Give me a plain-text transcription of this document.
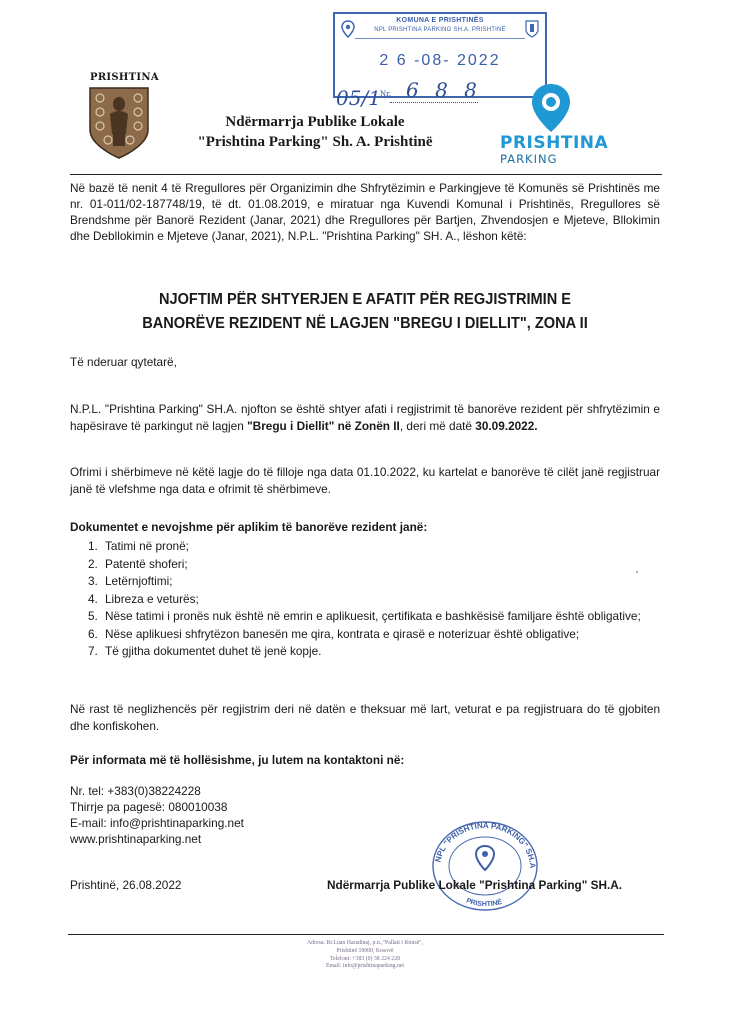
KOMUNA E PRISHTINËS
NPL PRISHTINA PARKING SH.A. PRISHTINË
2 6 -08- 2022
05/1 Nr. 6 8 8
PRISHTINA
Ndërmarrja Publike Lokale
"Prishtina Parking" Sh. A. Prishtinë	PRISHTINA
PARKING
Në bazë të nenit 4 të Rregullores për Organizimin dhe Shfrytëzimin e Parkingjeve të Komunës së Prishtinës me nr. 01-011/02-187748/19, të dt. 01.08.2019, e miratuar nga Kuvendi Komunal i Prishtinës, Rregullores së Brendshme për Banorë Rezident (Janar, 2021) dhe Rregullores për Bartjen, Zhvendosjen e Mjeteve, Bllokimin dhe Debllokimin e Mjeteve (Janar, 2021), N.P.L. "Prishtina Parking" SH. A., lëshon këtë:
NJOFTIM PËR SHTYERJEN E AFATIT PËR REGJISTRIMIN E
BANORËVE REZIDENT NË LAGJEN "BREGU I DIELLIT", ZONA II
Të nderuar qytetarë,
N.P.L. "Prishtina Parking" SH.A. njofton se është shtyer afati i regjistrimit të banorëve rezident për shfrytëzimin e hapësirave të parkingut në lagjen "Bregu i Diellit" në Zonën II, deri më datë 30.09.2022.
Ofrimi i shërbimeve në këtë lagje do të filloje nga data 01.10.2022, ku kartelat e banorëve të cilët janë regjistruar janë të vlefshme nga data e ofrimit të shërbimeve.
Dokumentet e nevojshme për aplikim të banorëve rezident janë:
1. Tatimi në pronë;
2. Patentë shoferi;
3. Letërnjoftimi;
4. Libreza e veturës;
5. Nëse tatimi i pronës nuk është në emrin e aplikuesit, çertifikata e bashkësisë familjare është obligative;
6. Nëse aplikuesi shfrytëzon banesën me qira, kontrata e qirasë e noterizuar është obligative;
7. Të gjitha dokumentet duhet të jenë kopje.
Në rast të neglizhencës për regjistrim deri në datën e theksuar më lart, veturat e pa regjistruara do të gjobiten dhe konfiskohen.
Për informata më të hollësishme, ju lutem na kontaktoni në:
Nr. tel: +383(0)38224228
Thirrje pa pagesë: 080010038
E-mail: info@prishtinaparking.net
www.prishtinaparking.net
NPL "PRISHTINA PARKING" SH.A
PRISHTINË
Prishtinë, 26.08.2022	Ndërmarrja Publike Lokale "Prishtina Parking" SH.A.
Adresa: Rr.Luan Haradinaj, p.n.,"Pallati i Rinisë",
Prishtinë 10000, Kosovë
Telefoni: +383 (0) 38 224 228
Email: info@prishtinaparking.net
